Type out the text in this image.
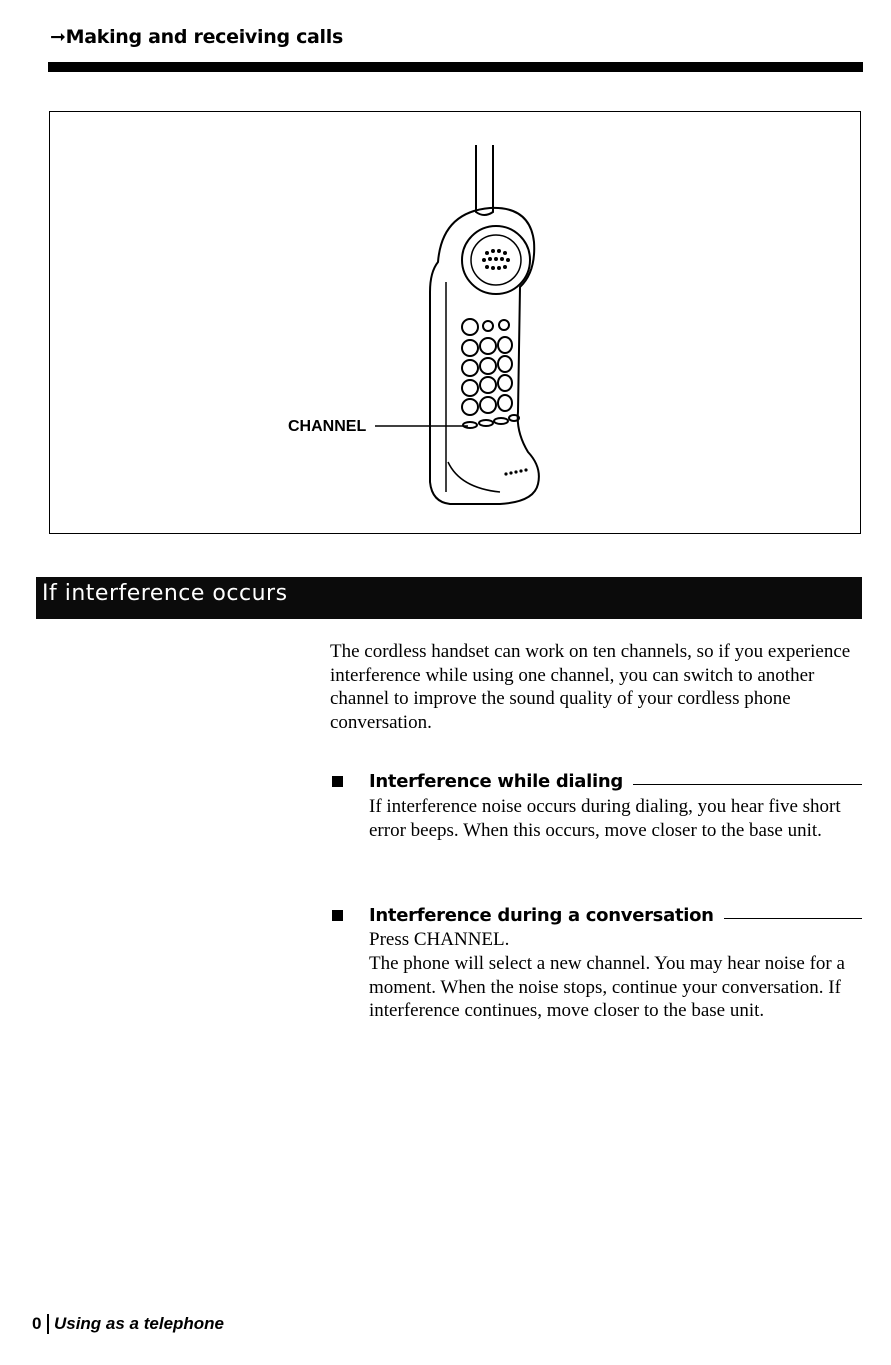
➞Making and receiving calls
CHANNEL
If interference occurs
The cordless handset can work on ten channels, so if you experience interference while using one channel, you can switch to another channel to improve the sound quality of your cordless phone conversation.
Interference while dialing
If interference noise occurs during dialing, you hear five short error beeps. When this occurs, move closer to the base unit.
Interference during a conversation
Press CHANNEL.
The phone will select a new channel. You may hear noise for a moment. When the noise stops, continue your conversation. If interference continues, move closer to the base unit.
0 Using as a telephone
